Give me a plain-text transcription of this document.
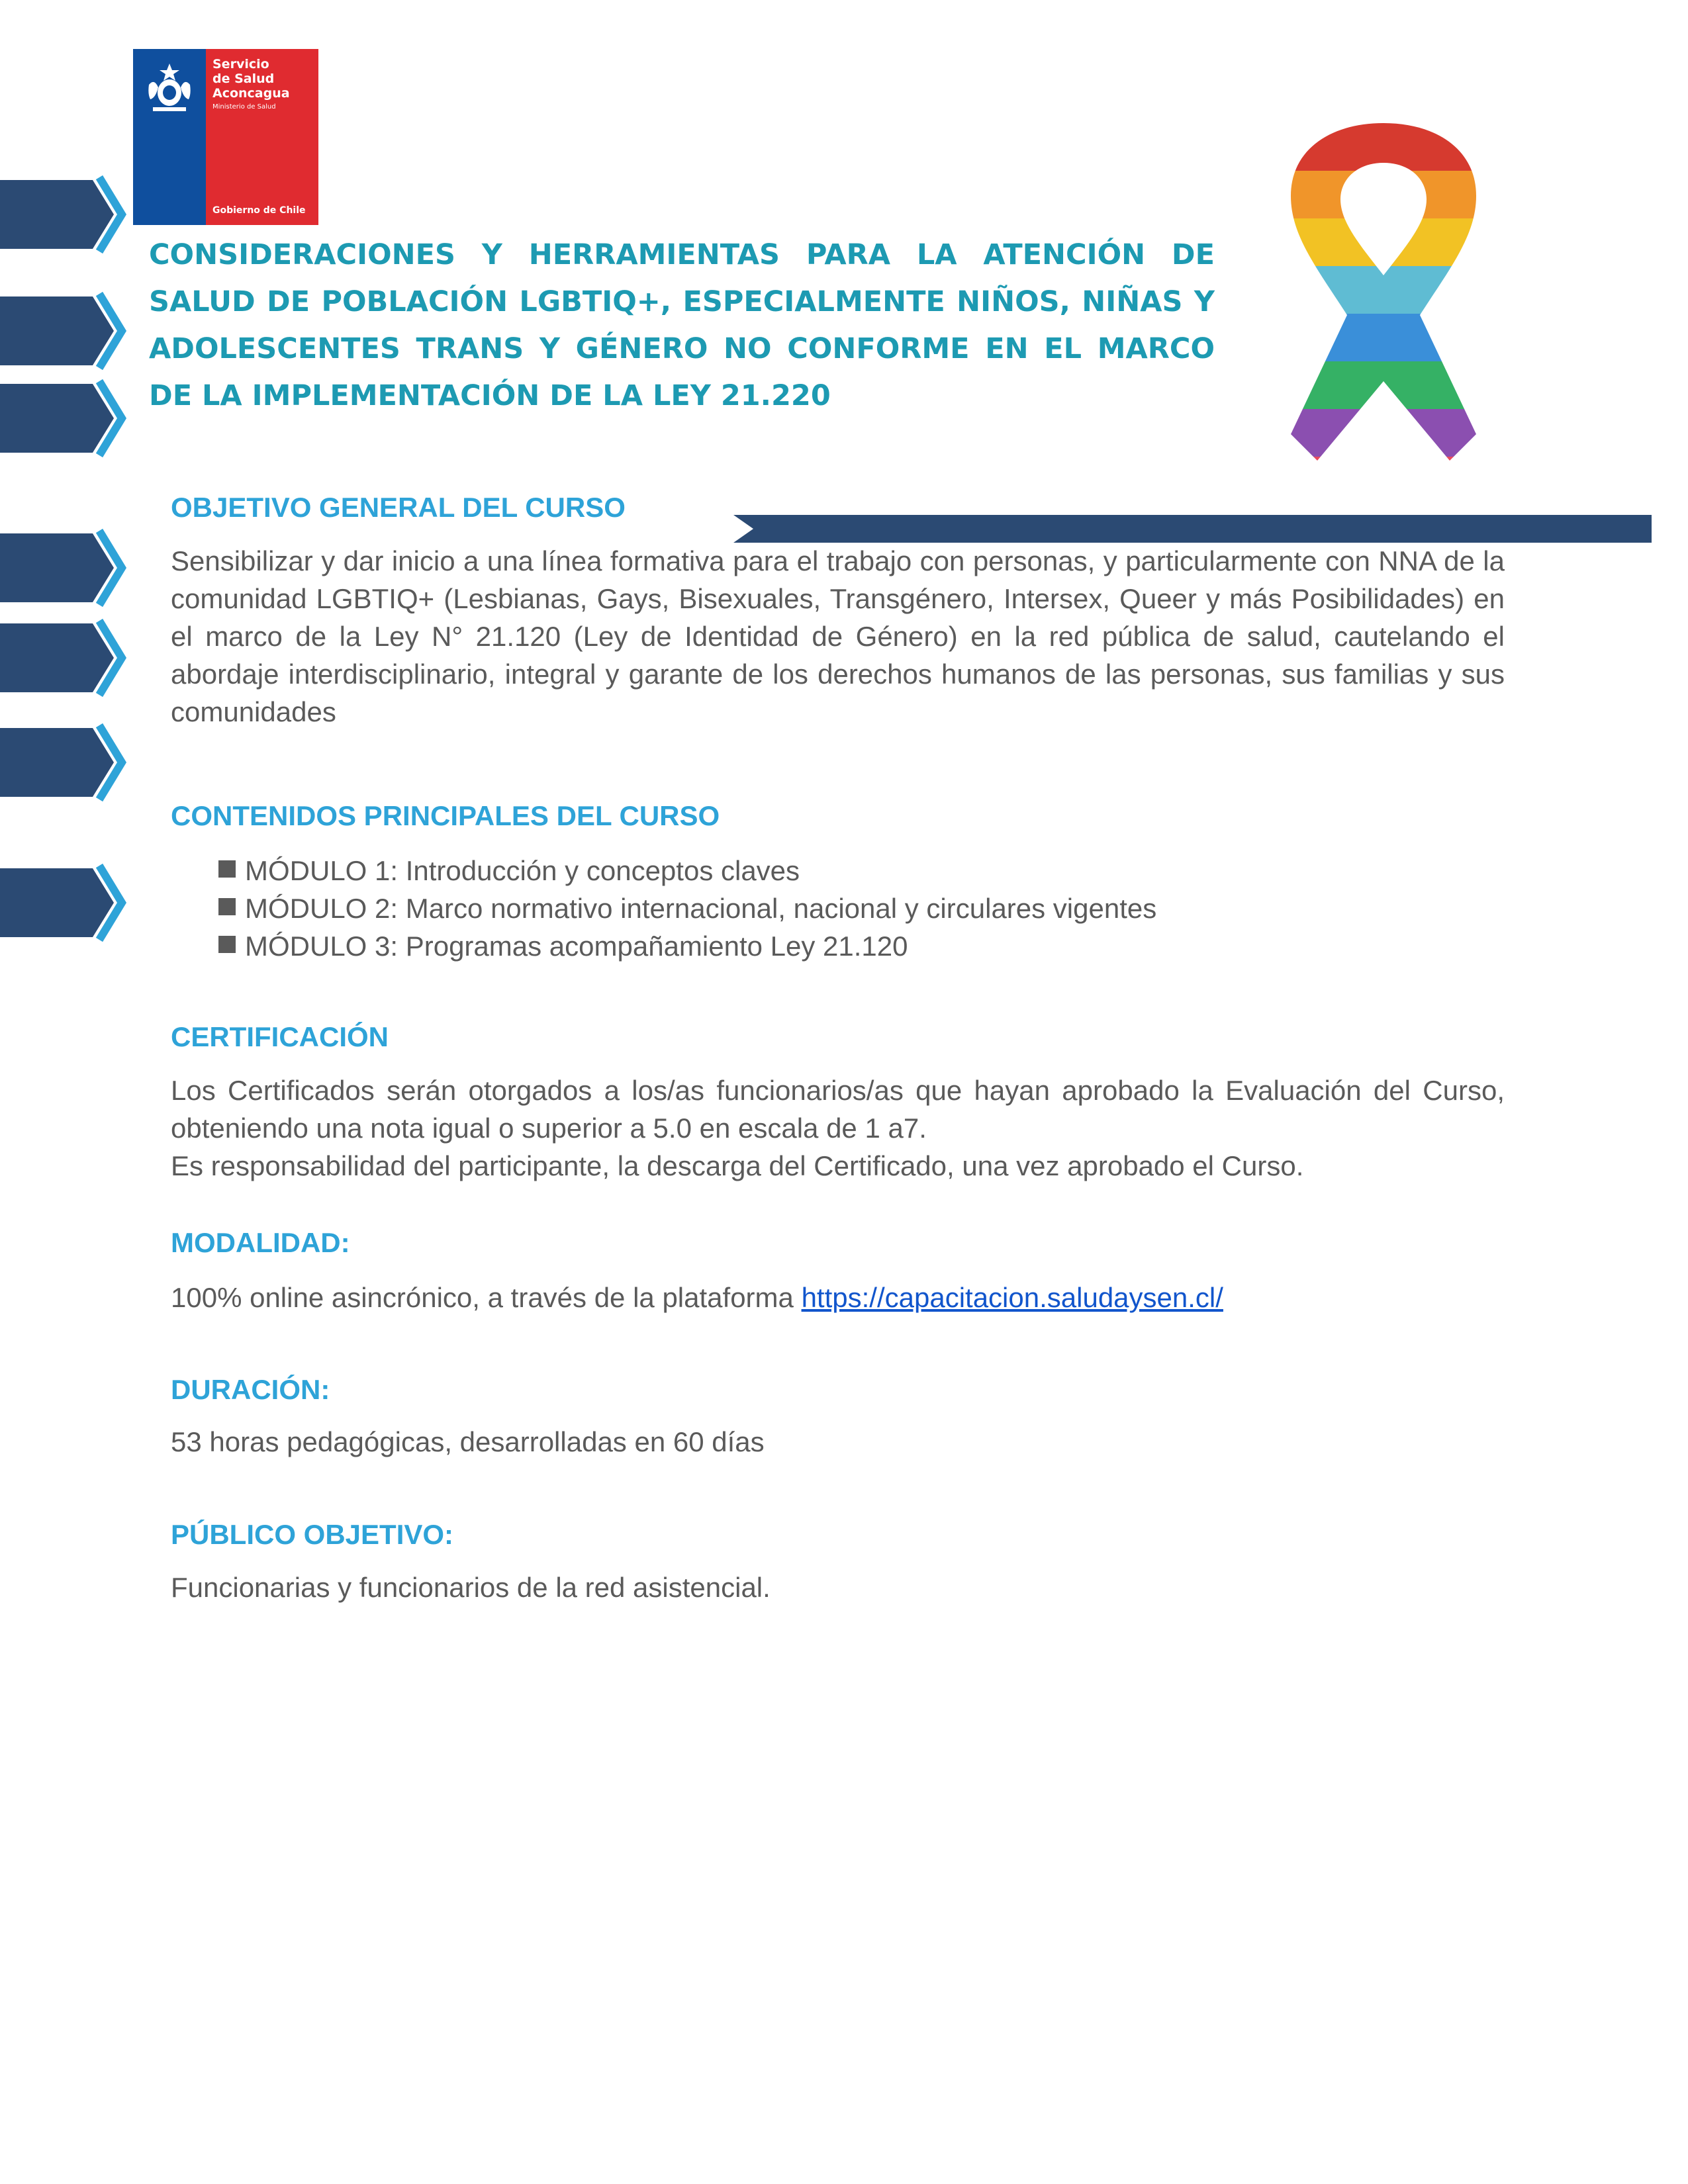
Servicio
de Salud
Aconcagua
Ministerio de Salud
Gobierno de Chile
CONSIDERACIONES Y HERRAMIENTAS PARA LA ATENCIÓN DE SALUD DE POBLACIÓN LGBTIQ+, ESPECIALMENTE NIÑOS, NIÑAS Y ADOLESCENTES TRANS Y GÉNERO NO CONFORME EN EL MARCO DE LA IMPLEMENTACIÓN DE LA LEY 21.220
OBJETIVO GENERAL DEL CURSO

Sensibilizar y dar inicio a una línea formativa para el trabajo con personas, y particularmente con NNA de la comunidad LGBTIQ+ (Lesbianas, Gays, Bisexuales, Transgénero, Intersex, Queer y más Posibilidades) en el marco de la Ley N° 21.120 (Ley de Identidad de Género) en la red pública de salud, cautelando el abordaje interdisciplinario, integral y garante de los derechos humanos de las personas, sus familias y sus comunidades

CONTENIDOS PRINCIPALES DEL CURSO
MÓDULO 1: Introducción y conceptos claves
MÓDULO 2: Marco normativo internacional, nacional y circulares vigentes
MÓDULO 3: Programas acompañamiento Ley 21.120
CERTIFICACIÓN

Los Certificados serán otorgados a los/as funcionarios/as que hayan aprobado la Evaluación del Curso, obteniendo una nota igual o superior a 5.0 en escala de 1 a7.

Es responsabilidad del participante, la descarga del Certificado, una vez aprobado el Curso.

MODALIDAD:

100% online asincrónico, a través de la plataforma https://capacitacion.saludaysen.cl/

DURACIÓN:

53 horas pedagógicas, desarrolladas en 60 días

PÚBLICO OBJETIVO:

Funcionarias y funcionarios de la red asistencial.
